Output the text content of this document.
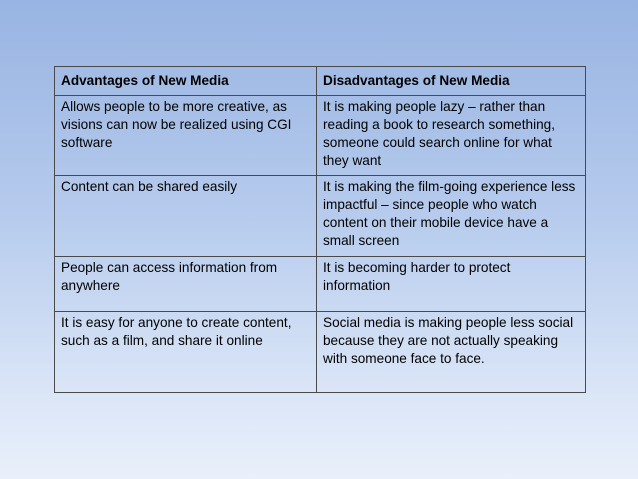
Advantages of New Media	Disadvantages of New Media
Allows people to be more creative, as visions can now be realized using CGI software	It is making people lazy – rather than reading a book to research something, someone could search online for what they want
Content can be shared easily	It is making the film-going experience less impactful – since people who watch content on their mobile device have a small screen
People can access information from anywhere	It is becoming harder to protect information
It is easy for anyone to create content, such as a film, and share it online	Social media is making people less social because they are not actually speaking with someone face to face.
